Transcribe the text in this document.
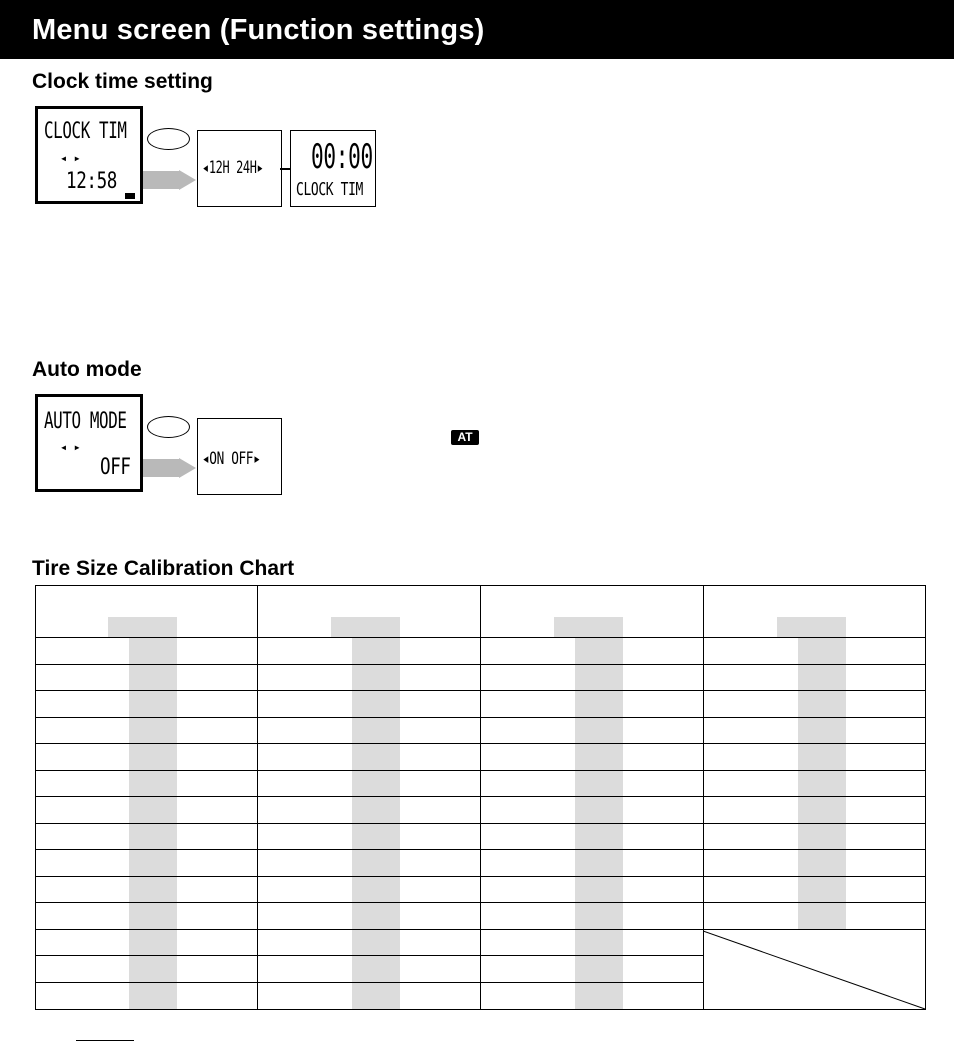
Menu screen (Function settings)
Clock time setting
CLOCK TIM
◂ ▸
12:58
◂12H 24H▸ 00:00
CLOCK TIM
Auto mode
AUTO MODE
◂ ▸
OFF	◂ON OFF▸
AT
Tire Size Calibration Chart
